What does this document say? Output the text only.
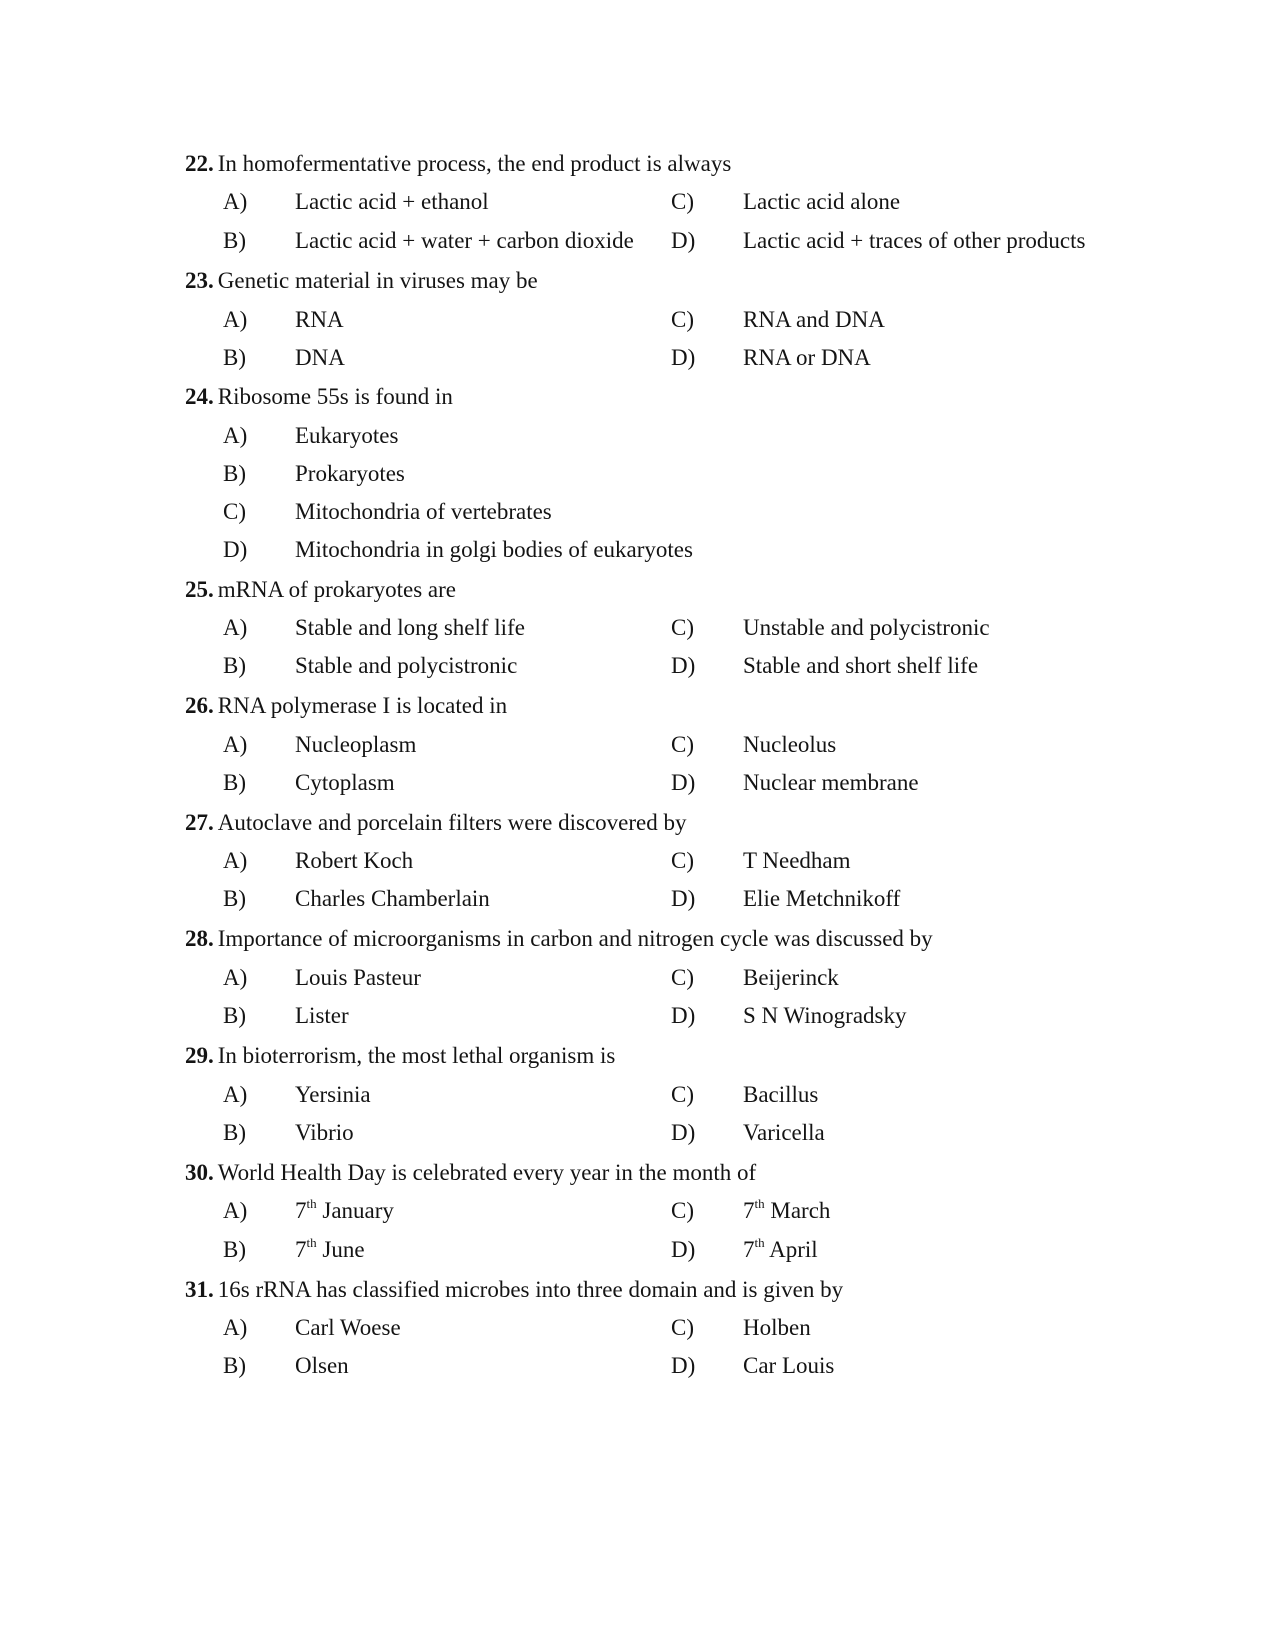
22. In homofermentative process, the end product is always
A) Lactic acid + ethanol
B) Lactic acid + water + carbon dioxide
C) Lactic acid alone
D) Lactic acid + traces of other products
23. Genetic material in viruses may be
A) RNA
B) DNA
C) RNA and DNA
D) RNA or DNA
24. Ribosome 55s is found in
A) Eukaryotes
B) Prokaryotes
C) Mitochondria of vertebrates
D) Mitochondria in golgi bodies of eukaryotes
25. mRNA of prokaryotes are
A) Stable and long shelf life
B) Stable and polycistronic
C) Unstable and polycistronic
D) Stable and short shelf life
26. RNA polymerase I is located in
A) Nucleoplasm
B) Cytoplasm
C) Nucleolus
D) Nuclear membrane
27. Autoclave and porcelain filters were discovered by
A) Robert Koch
B) Charles Chamberlain
C) T Needham
D) Elie Metchnikoff
28. Importance of microorganisms in carbon and nitrogen cycle was discussed by
A) Louis Pasteur
B) Lister
C) Beijerinck
D) S N Winogradsky
29. In bioterrorism, the most lethal organism is
A) Yersinia
B) Vibrio
C) Bacillus
D) Varicella
30. World Health Day is celebrated every year in the month of
A) 7th January
B) 7th June
C) 7th March
D) 7th April
31. 16s rRNA has classified microbes into three domain and is given by
A) Carl Woese
B) Olsen
C) Holben
D) Car Louis
